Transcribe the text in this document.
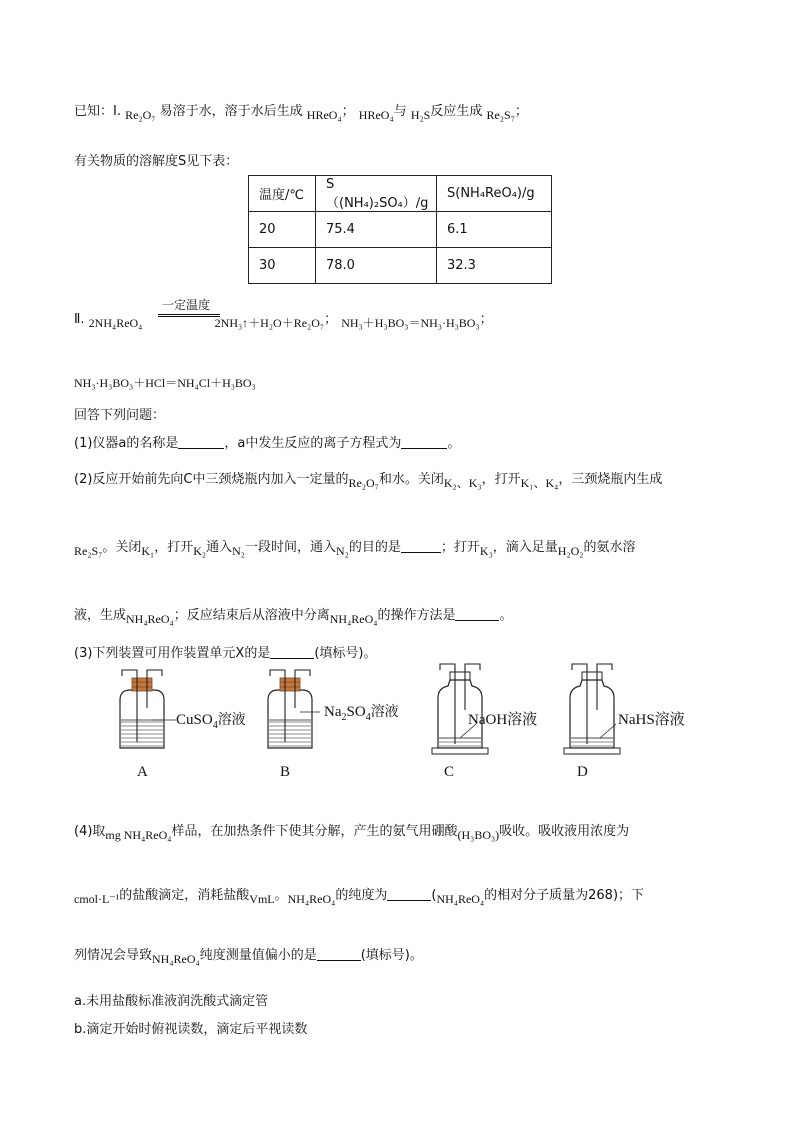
已知：Ⅰ. Re₂O₇ 易溶于水，溶于水后生成 HReO₄； HReO₄与 H₂S反应生成 Re₂S₇；
有关物质的溶解度S见下表：
温度/℃	S（(NH₄)₂SO₄）/g	S(NH₄ReO₄)/g
20	75.4	6.1
30	78.0	32.3
Ⅱ. 2NH₄ReO₄	2NH₃↑＋H₂O＋Re₂O₇； NH₃＋H₃BO₃＝NH₃·H₃BO₃；
一定温度
NH₃·H₃BO₃＋HCl＝NH₄Cl＋H₃BO₃
回答下列问题：
(1)仪器a的名称是	，a中发生反应的离子方程式为	。
(2)反应开始前先向C中三颈烧瓶内加入一定量的Re₂O₇和水。关闭K₂、K₃，打开K₁、K₄，三颈烧瓶内生成
Re₂S₇。关闭K₁，打开K₂通入N₂一段时间，通入N₂的目的是	；打开K₃，滴入足量H₂O₂的氨水溶
液，生成NH₄ReO₄；反应结束后从溶液中分离NH₄ReO₄的操作方法是	。
(3)下列装置可用作装置单元X的是	(填标号)。
CuSO$_4$溶液
A
$Na_2SO_4$溶液
B
NaOH溶液
C
NaHS溶液
D
(4)取mg NH₄ReO₄样品，在加热条件下使其分解，产生的氨气用硼酸(H₃BO₃)吸收。吸收液用浓度为
cmol·L⁻¹的盐酸滴定，消耗盐酸VmL。NH₄ReO₄的纯度为	(NH₄ReO₄的相对分子质量为268)；下
列情况会导致NH₄ReO₄纯度测量值偏小的是	(填标号)。
a.未用盐酸标准液润洗酸式滴定管
b.滴定开始时俯视读数，滴定后平视读数
